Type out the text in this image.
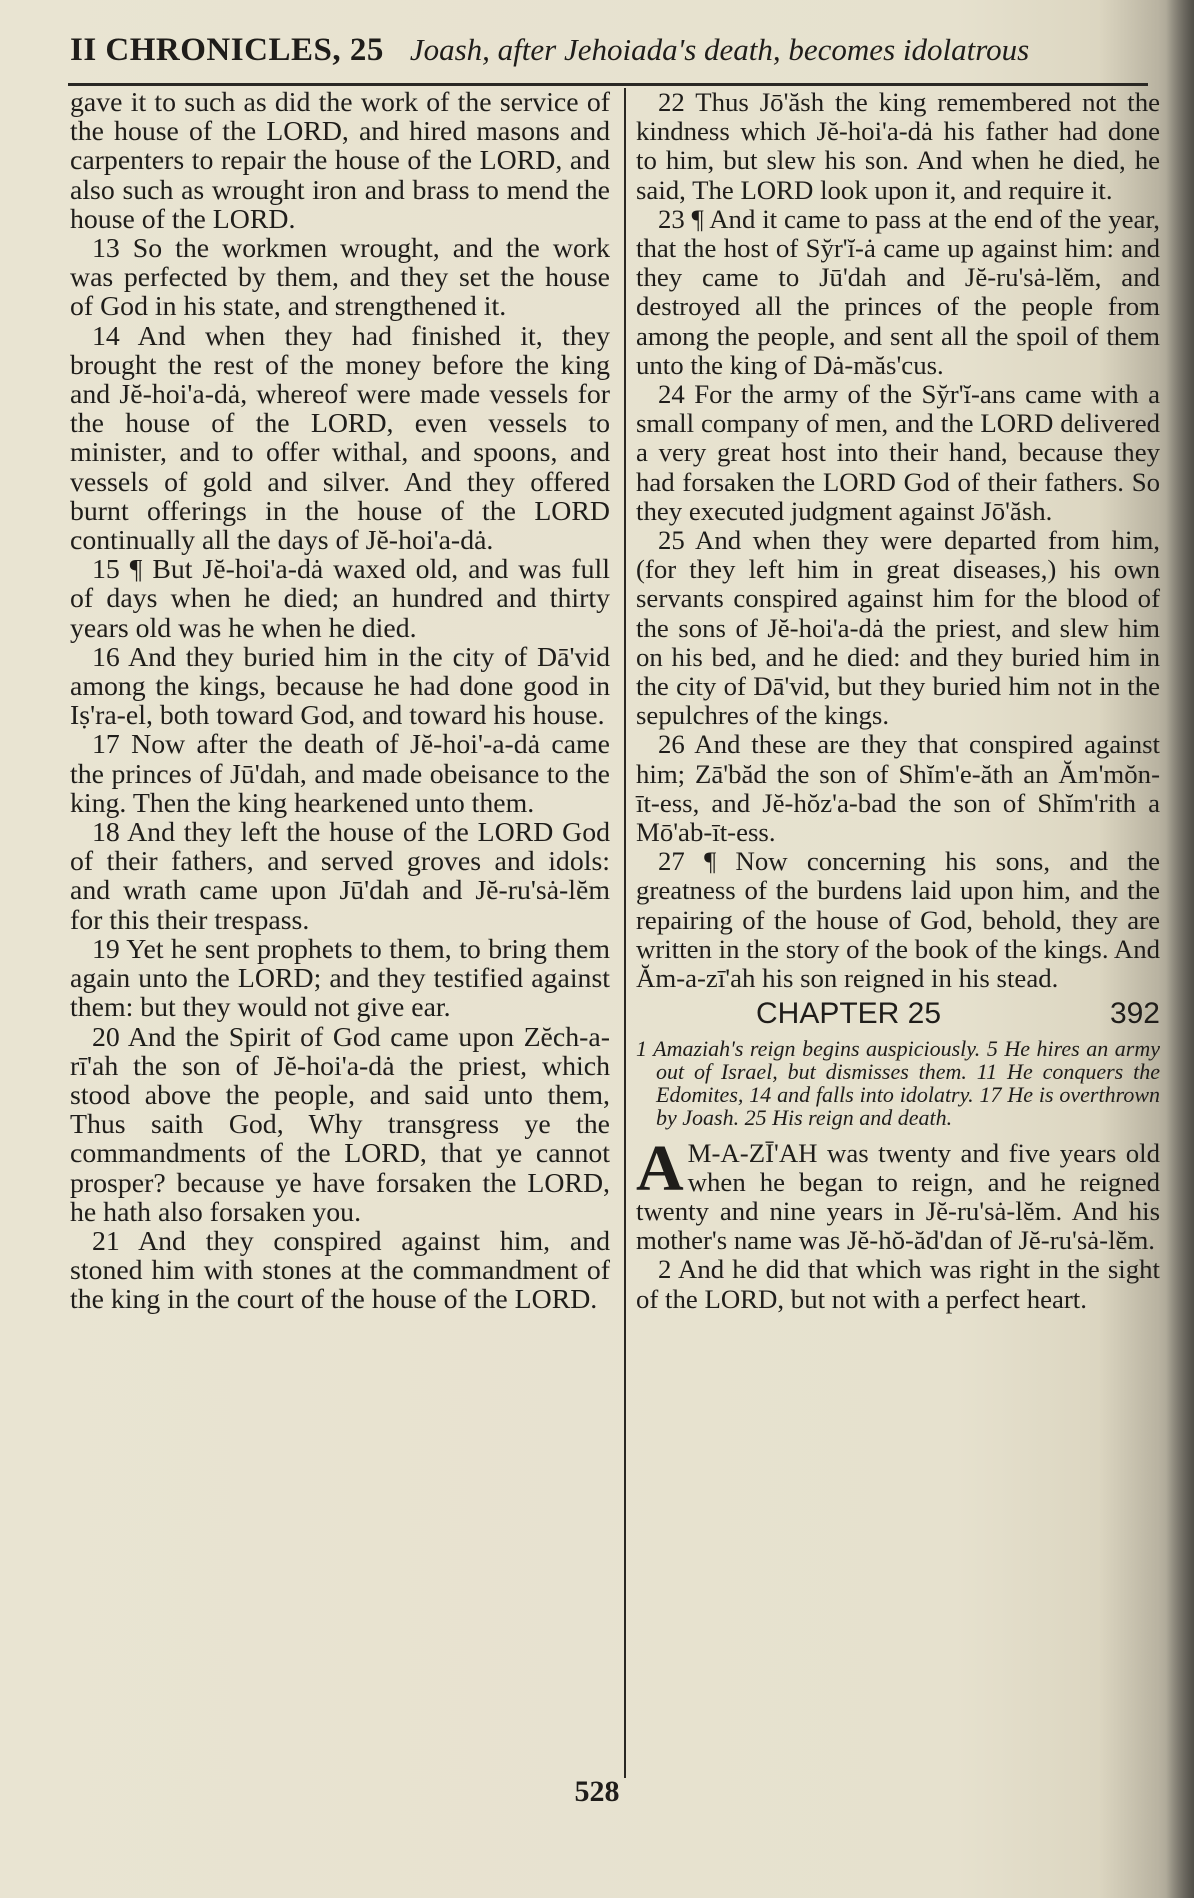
II CHRONICLES, 25 Joash, after Jehoiada's death, becomes idolatrous

gave it to such as did the work of the service of the house of the LORD, and hired masons and carpenters to repair the house of the LORD, and also such as wrought iron and brass to mend the house of the LORD.

13 So the workmen wrought, and the work was perfected by them, and they set the house of God in his state, and strengthened it.

14 And when they had finished it, they brought the rest of the money before the king and Jĕ-hoi'a-dȧ, whereof were made vessels for the house of the LORD, even vessels to minister, and to offer withal, and spoons, and vessels of gold and silver. And they offered burnt offerings in the house of the LORD continually all the days of Jĕ-hoi'a-dȧ.

15 ¶ But Jĕ-hoi'a-dȧ waxed old, and was full of days when he died; an hundred and thirty years old was he when he died.

16 And they buried him in the city of Dā'vid among the kings, because he had done good in Iṣ'ra-el, both toward God, and toward his house.

17 Now after the death of Jĕ-hoi'-a-dȧ came the princes of Jū'dah, and made obeisance to the king. Then the king hearkened unto them.

18 And they left the house of the LORD God of their fathers, and served groves and idols: and wrath came upon Jū'dah and Jĕ-ru'sȧ-lĕm for this their trespass.

19 Yet he sent prophets to them, to bring them again unto the LORD; and they testified against them: but they would not give ear.

20 And the Spirit of God came upon Zĕch-a-rī'ah the son of Jĕ-hoi'a-dȧ the priest, which stood above the people, and said unto them, Thus saith God, Why transgress ye the commandments of the LORD, that ye cannot prosper? because ye have forsaken the LORD, he hath also forsaken you.

21 And they conspired against him, and stoned him with stones at the commandment of the king in the court of the house of the LORD.

22 Thus Jō'ăsh the king remembered not the kindness which Jĕ-hoi'a-dȧ his father had done to him, but slew his son. And when he died, he said, The LORD look upon it, and require it.

23 ¶ And it came to pass at the end of the year, that the host of Sy̆r'ĭ-ȧ came up against him: and they came to Jū'dah and Jĕ-ru'sȧ-lĕm, and destroyed all the princes of the people from among the people, and sent all the spoil of them unto the king of Dȧ-măs'cus.

24 For the army of the Sy̆r'ĭ-ans came with a small company of men, and the LORD delivered a very great host into their hand, because they had forsaken the LORD God of their fathers. So they executed judgment against Jō'ăsh.

25 And when they were departed from him, (for they left him in great diseases,) his own servants conspired against him for the blood of the sons of Jĕ-hoi'a-dȧ the priest, and slew him on his bed, and he died: and they buried him in the city of Dā'vid, but they buried him not in the sepulchres of the kings.

26 And these are they that conspired against him; Zā'băd the son of Shĭm'e-ăth an Ăm'mŏn-īt-ess, and Jĕ-hŏz'a-bad the son of Shĭm'rith a Mō'ab-īt-ess.

27 ¶ Now concerning his sons, and the greatness of the burdens laid upon him, and the repairing of the house of God, behold, they are written in the story of the book of the kings. And Ăm-a-zī'ah his son reigned in his stead.

CHAPTER 25	392

1 Amaziah's reign begins auspiciously. 5 He hires an army out of Israel, but dismisses them. 11 He conquers the Edomites, 14 and falls into idolatry. 17 He is overthrown by Joash. 25 His reign and death.

A M-A-ZĪ'AH was twenty and five years old when he began to reign, and he reigned twenty and nine years in Jĕ-ru'sȧ-lĕm. And his mother's name was Jĕ-hŏ-ăd'dan of Jĕ-ru'sȧ-lĕm.

2 And he did that which was right in the sight of the LORD, but not with a perfect heart.

528
